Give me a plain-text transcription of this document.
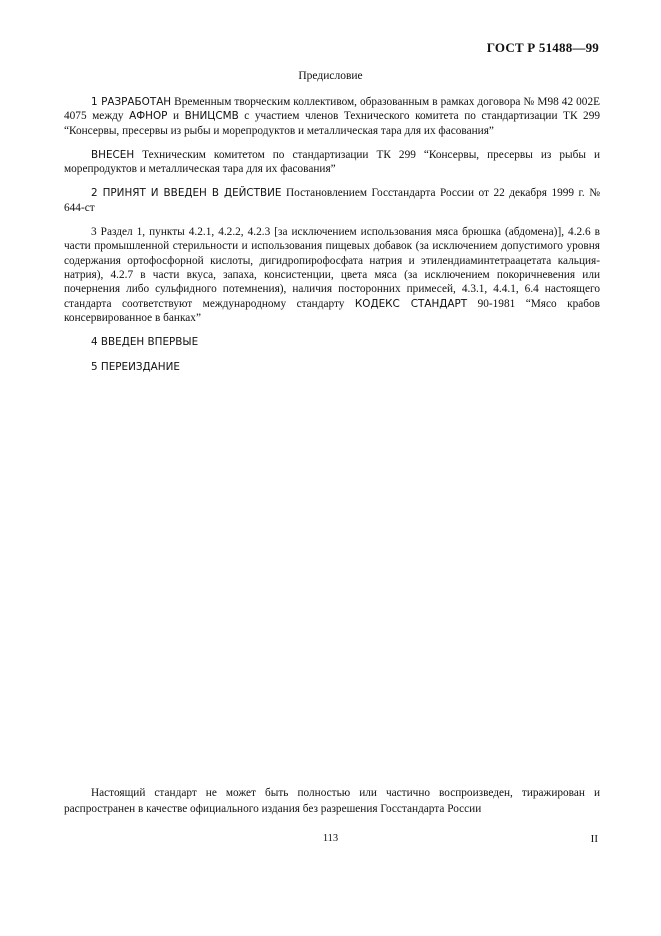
ГОСТ Р 51488—99
Предисловие

1 РАЗРАБОТАН Временным творческим коллективом, образованным в рамках договора № М98 42 002Е 4075 между АФНОР и ВНИЦСМВ с участием членов Технического комитета по стандартизации ТК 299 “Консервы, пресервы из рыбы и морепродуктов и металлическая тара для их фасования”

ВНЕСЕН Техническим комитетом по стандартизации ТК 299 “Консервы, пресервы из рыбы и морепродуктов и металлическая тара для их фасования”

2 ПРИНЯТ И ВВЕДЕН В ДЕЙСТВИЕ Постановлением Госстандарта России от 22 декабря 1999 г. № 644-ст

3 Раздел 1, пункты 4.2.1, 4.2.2, 4.2.3 [за исключением использования мяса брюшка (абдомена)], 4.2.6 в части промышленной стерильности и использования пищевых добавок (за исключением допустимого уровня содержания ортофосфорной кислоты, дигидропирофосфата натрия и этилендиаминтетраацетата кальция-натрия), 4.2.7 в части вкуса, запаха, консистенции, цвета мяса (за исключением покоричневения или почернения либо сульфидного потемнения), наличия посторонних примесей, 4.3.1, 4.4.1, 6.4 настоящего стандарта соответствуют международному стандарту КОДЕКС СТАНДАРТ 90-1981 “Мясо крабов консервированное в банках”

4 ВВЕДЕН ВПЕРВЫЕ

5 ПЕРЕИЗДАНИЕ

Настоящий стандарт не может быть полностью или частично воспроизведен, тиражирован и распространен в качестве официального издания без разрешения Госстандарта России
113	II
